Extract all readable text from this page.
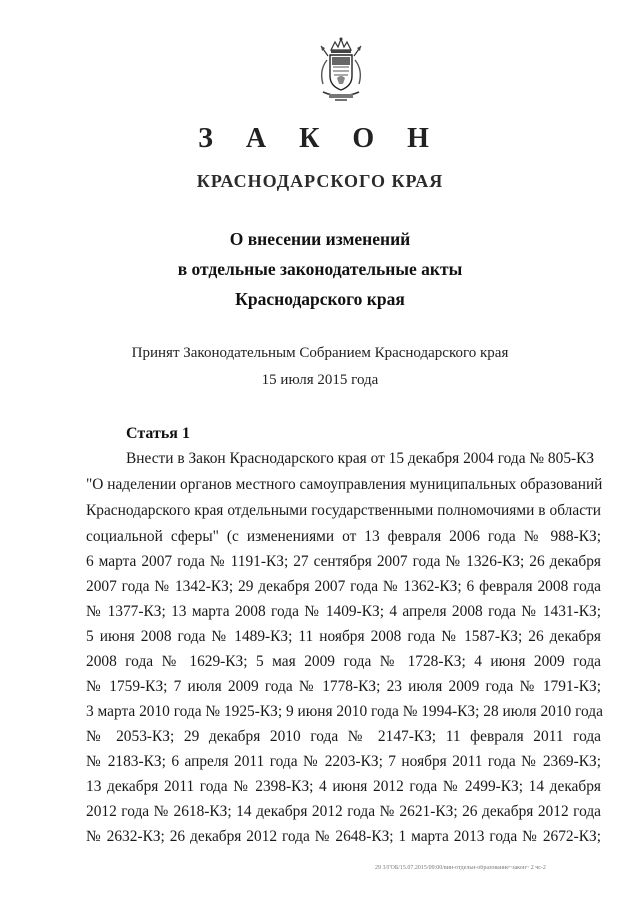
З А К О Н
КРАСНОДАРСКОГО КРАЯ
О внесении изменений
в отдельные законодательные акты
Краснодарского края
Принят Законодательным Собранием Краснодарского края
15 июля 2015 года
Статья 1
Внести в Закон Краснодарского края от 15 декабря 2004 года № 805-КЗ
"О наделении органов местного самоуправления муниципальных образований
Краснодарского края отдельными государственными полномочиями в области
социальной сферы" (с изменениями от 13 февраля 2006 года № 988-КЗ;
6 марта 2007 года № 1191-КЗ; 27 сентября 2007 года № 1326-КЗ; 26 декабря
2007 года № 1342-КЗ; 29 декабря 2007 года № 1362-КЗ; 6 февраля 2008 года
№ 1377-КЗ; 13 марта 2008 года № 1409-КЗ; 4 апреля 2008 года № 1431-КЗ;
5 июня 2008 года № 1489-КЗ; 11 ноября 2008 года № 1587-КЗ; 26 декабря
2008 года № 1629-КЗ; 5 мая 2009 года № 1728-КЗ; 4 июня 2009 года
№ 1759-КЗ; 7 июля 2009 года № 1778-КЗ; 23 июля 2009 года № 1791-КЗ;
3 марта 2010 года № 1925-КЗ; 9 июня 2010 года № 1994-КЗ; 28 июля 2010 года
№ 2053-КЗ; 29 декабря 2010 года № 2147-КЗ; 11 февраля 2011 года
№ 2183-КЗ; 6 апреля 2011 года № 2203-КЗ; 7 ноября 2011 года № 2369-КЗ;
13 декабря 2011 года № 2398-КЗ; 4 июня 2012 года № 2499-КЗ; 14 декабря
2012 года № 2618-КЗ; 14 декабря 2012 года № 2621-КЗ; 26 декабря 2012 года
№ 2632-КЗ; 26 декабря 2012 года № 2648-КЗ; 1 марта 2013 года № 2672-КЗ;
29 3/ГОБ/15.07.2015/09:00/вин-отдельн-образование~закон~ 2 чс-2
